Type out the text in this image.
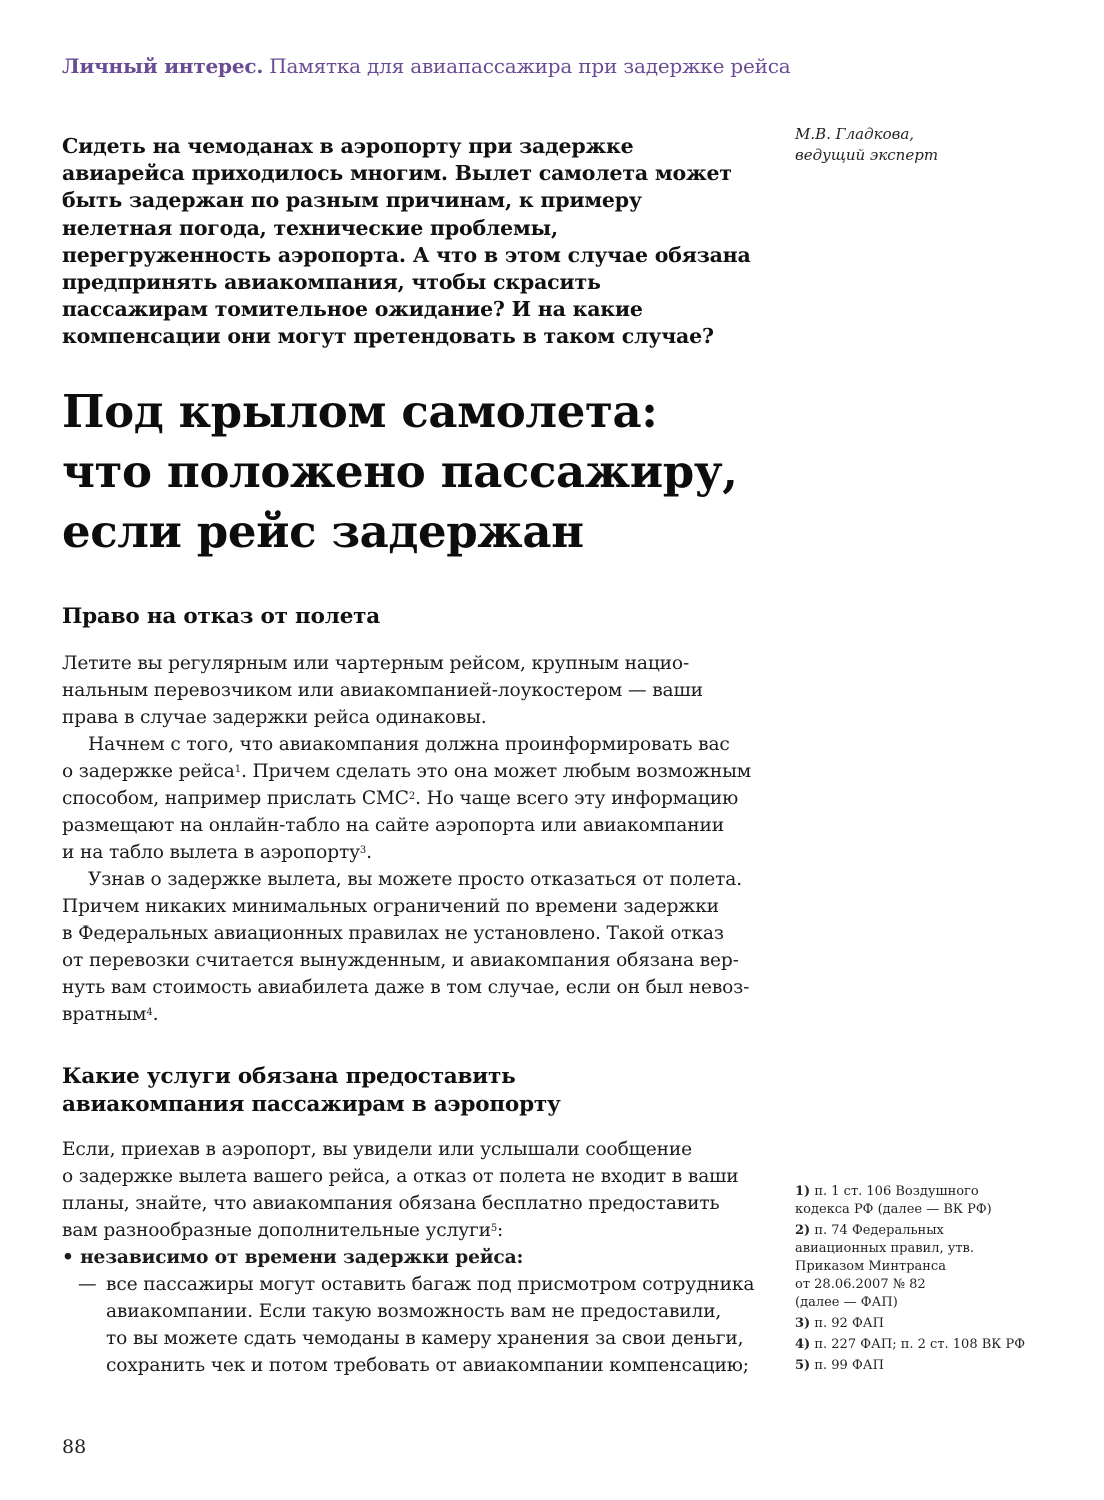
Личный интерес. Памятка для авиапассажира при задержке рейса
М.В. Гладкова,
ведущий эксперт
Сидеть на чемоданах в аэропорту при задержке
авиарейса приходилось многим. Вылет самолета может
быть задержан по разным причинам, к примеру
нелетная погода, технические проблемы,
перегруженность аэропорта. А что в этом случае обязана
предпринять авиакомпания, чтобы скрасить
пассажирам томительное ожидание? И на какие
компенсации они могут претендовать в таком случае?
Под крылом самолета:
что положено пассажиру,
если рейс задержан
Право на отказ от полета
Летите вы регулярным или чартерным рейсом, крупным нацио-
нальным перевозчиком или авиакомпанией-лоукостером — ваши
права в случае задержки рейса одинаковы.
Начнем с того, что авиакомпания должна проинформировать вас
о задержке рейса$^1$. Причем сделать это она может любым возможным
способом, например прислать СМС$^2$. Но чаще всего эту информацию
размещают на онлайн-табло на сайте аэропорта или авиакомпании
и на табло вылета в аэропорту$^3$.
Узнав о задержке вылета, вы можете просто отказаться от полета.
Причем никаких минимальных ограничений по времени задержки
в Федеральных авиационных правилах не установлено. Такой отказ
от перевозки считается вынужденным, и авиакомпания обязана вер-
нуть вам стоимость авиабилета даже в том случае, если он был невоз-
вратным$^4$.
Какие услуги обязана предоставить
авиакомпания пассажирам в аэропорту
Если, приехав в аэропорт, вы увидели или услышали сообщение
о задержке вылета вашего рейса, а отказ от полета не входит в ваши
планы, знайте, что авиакомпания обязана бесплатно предоставить
вам разнообразные дополнительные услуги$^5$:
• независимо от времени задержки рейса:
— все пассажиры могут оставить багаж под присмотром сотрудника
авиакомпании. Если такую возможность вам не предоставили,
то вы можете сдать чемоданы в камеру хранения за свои деньги,
сохранить чек и потом требовать от авиакомпании компенсацию;
1) п. 1 ст. 106 Воздушного
кодекса РФ (далее — ВК РФ)
2) п. 74 Федеральных
авиационных правил, утв.
Приказом Минтранса
от 28.06.2007 № 82
(далее — ФАП)
3) п. 92 ФАП
4) п. 227 ФАП; п. 2 ст. 108 ВК РФ
5) п. 99 ФАП
88
